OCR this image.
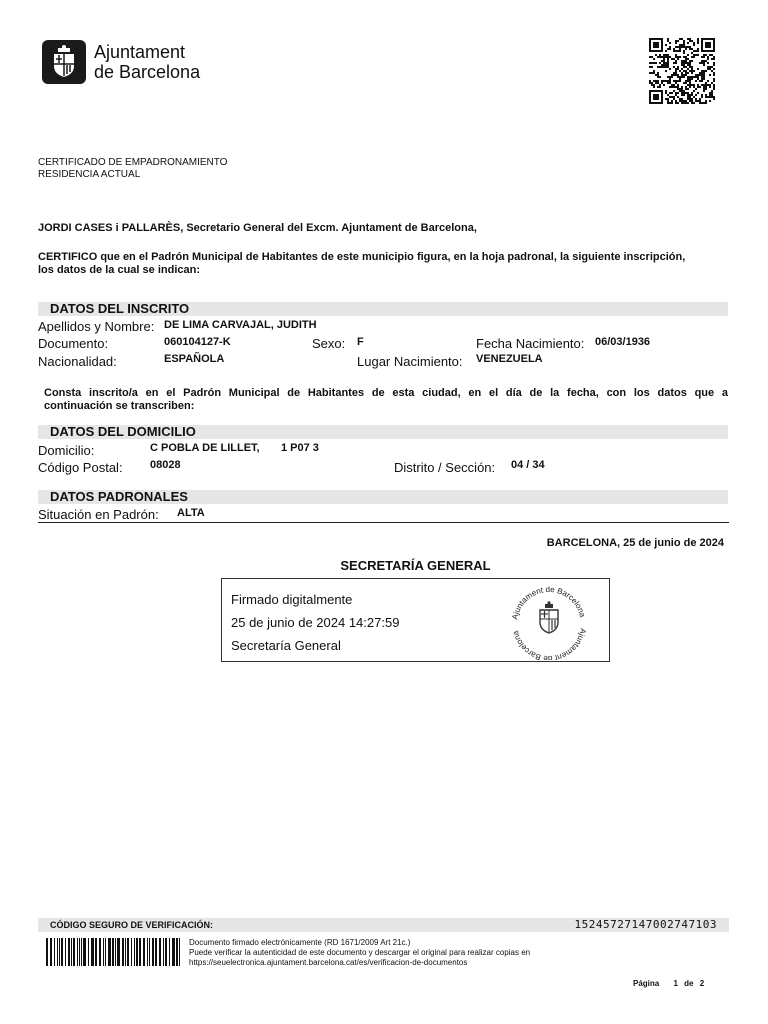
Ajuntament
de Barcelona
CERTIFICADO DE EMPADRONAMIENTO
RESIDENCIA ACTUAL
JORDI CASES i PALLARÈS, Secretario General del Excm. Ajuntament de Barcelona,
CERTIFICO que en el Padrón Municipal de Habitantes de este municipio figura, en la hoja padronal, la siguiente inscripción,
los datos de la cual se indican:
DATOS DEL INSCRITO
Apellidos y Nombre: DE LIMA CARVAJAL, JUDITH
Documento:	060104127-K	Sexo: F	Fecha Nacimiento: 06/03/1936
Nacionalidad:	ESPAÑOLA	Lugar Nacimiento: VENEZUELA
Consta inscrito/a en el Padrón Municipal de Habitantes de esta ciudad, en el día de la fecha, con los datos que a
continuación se transcriben:
DATOS DEL DOMICILIO
Domicilio:	C POBLA DE LILLET, 1 P07 3
Código Postal: 08028	Distrito / Sección: 04 / 34
DATOS PADRONALES
Situación en Padrón: ALTA
BARCELONA, 25 de junio de 2024
SECRETARÍA GENERAL
Firmado digitalmente
25 de junio de 2024 14:27:59
Secretaría General
Ajuntament de Barcelona
Ajuntament de Barcelona
CÓDIGO SEGURO DE VERIFICACIÓN:	15245727147002747103
Documento firmado electrónicamente (RD 1671/2009 Art 21c.)
Puede verificar la autenticidad de este documento y descargar el original para realizar copias en
https://seuelectronica.ajuntament.barcelona.cat/es/verificacion-de-documentos
Página 1 de 2
